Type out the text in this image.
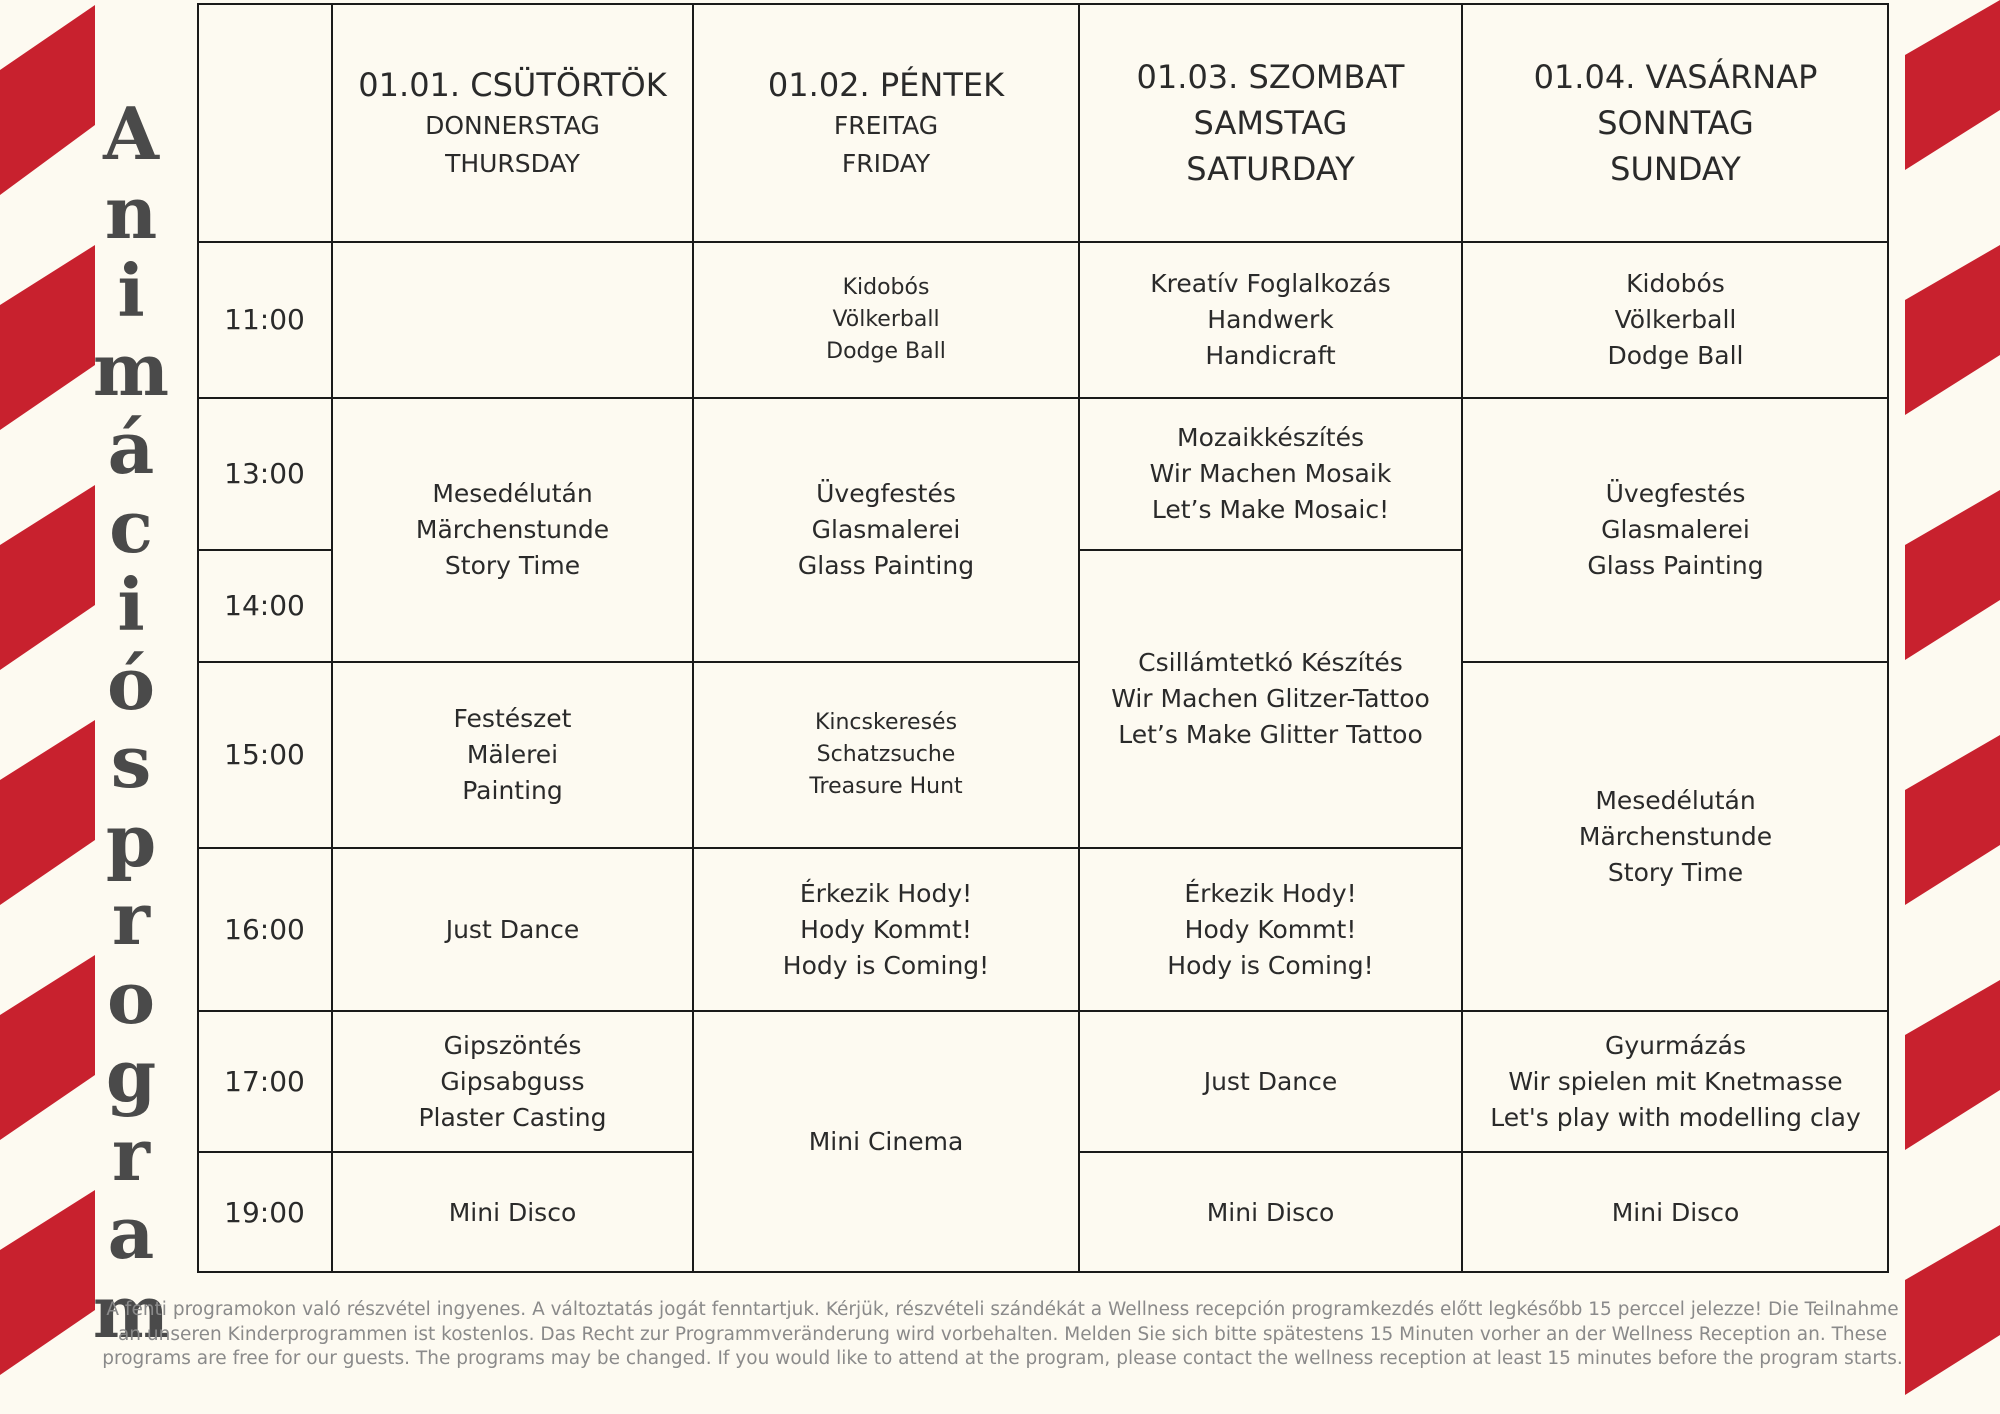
A
n
i
m
á
c
i
ó
s
p
r
o
g
r
a
m
01.01. CSÜTÖRTÖK
DONNERSTAG
THURSDAY
01.02. PÉNTEK
FREITAG
FRIDAY
01.03. SZOMBAT
SAMSTAG
SATURDAY
01.04. VASÁRNAP
SONNTAG
SUNDAY
11:00
13:00
14:00
15:00
16:00
17:00
19:00
Mesedélután
Märchenstunde
Story Time
Festészet
Mälerei
Painting
Just Dance
Gipszöntés
Gipsabguss
Plaster Casting
Mini Disco
Kidobós
Völkerball
Dodge Ball
Üvegfestés
Glasmalerei
Glass Painting
Kincskeresés
Schatzsuche
Treasure Hunt
Érkezik Hody!
Hody Kommt!
Hody is Coming!
Mini Cinema
Kreatív Foglalkozás
Handwerk
Handicraft
Mozaikkészítés
Wir Machen Mosaik
Let’s Make Mosaic!
Csillámtetkó Készítés
Wir Machen Glitzer-Tattoo
Let’s Make Glitter Tattoo
Érkezik Hody!
Hody Kommt!
Hody is Coming!
Just Dance
Mini Disco
Kidobós
Völkerball
Dodge Ball
Üvegfestés
Glasmalerei
Glass Painting
Mesedélután
Märchenstunde
Story Time
Gyurmázás
Wir spielen mit Knetmasse
Let's play with modelling clay
Mini Disco
A fenti programokon való részvétel ingyenes. A változtatás jogát fenntartjuk. Kérjük, részvételi szándékát a Wellness recepción programkezdés előtt legkésőbb 15 perccel jelezze! Die Teilnahme an unseren Kinderprogrammen ist kostenlos. Das Recht zur Programmveränderung wird vorbehalten. Melden Sie sich bitte spätestens 15 Minuten vorher an der Wellness Reception an. These programs are free for our guests. The programs may be changed. If you would like to attend at the program, please contact the wellness reception at least 15 minutes before the program starts.
